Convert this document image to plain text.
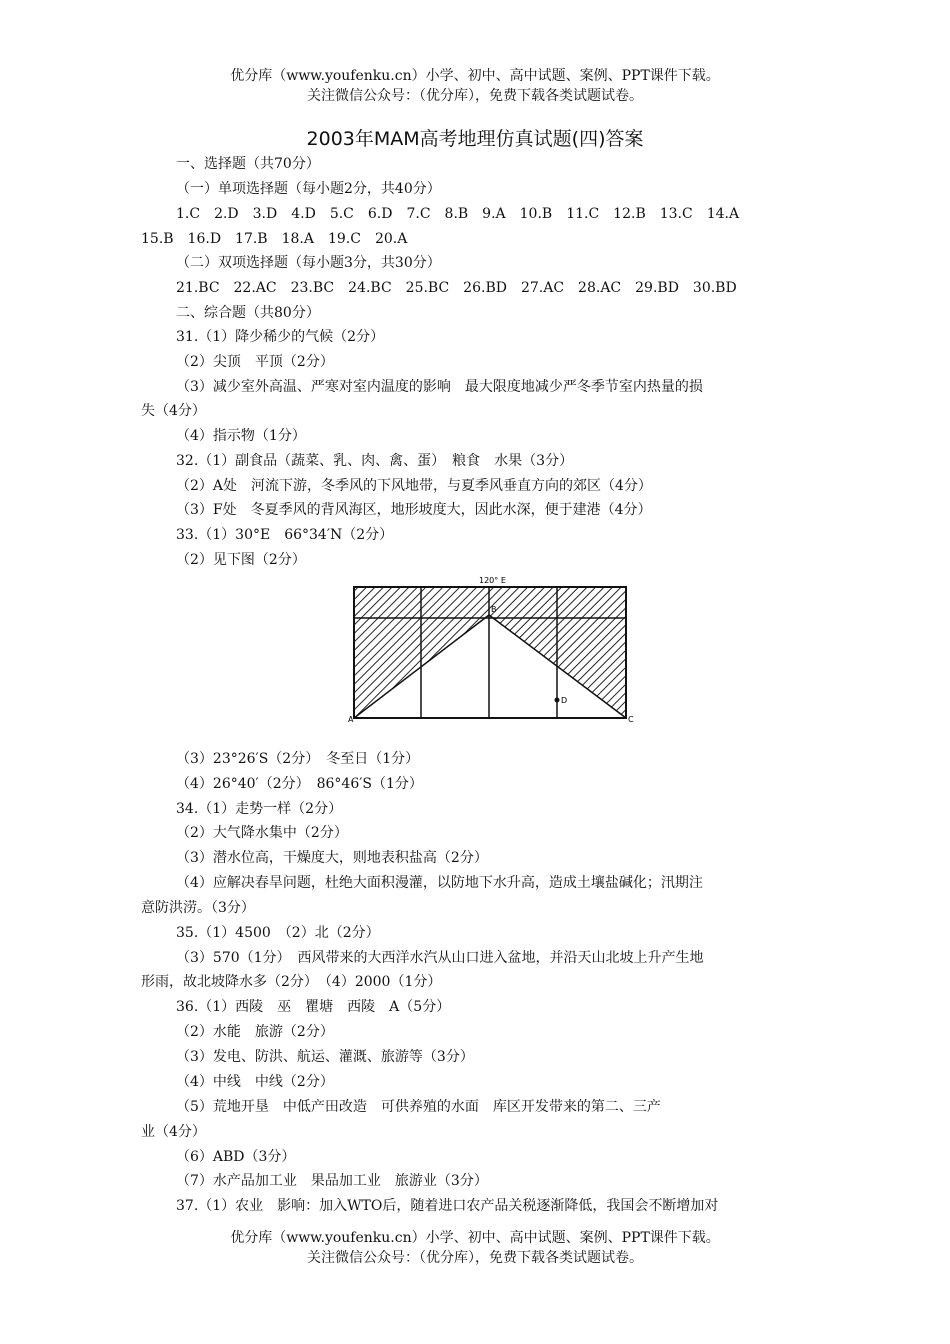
优分库（www.youfenku.cn）小学、初中、高中试题、案例、PPT课件下载。
关注微信公众号：（优分库），免费下载各类试题试卷。
2003年MAM高考地理仿真试题(四)答案
一、选择题（共70分）
（一）单项选择题（每小题2分，共40分）
1.C　2.D　3.D　4.D　5.C　6.D　7.C　8.B　9.A　10.B　11.C　12.B　13.C　14.A
15.B　16.D　17.B　18.A　19.C　20.A
（二）双项选择题（每小题3分，共30分）
21.BC　22.AC　23.BC　24.BC　25.BC　26.BD　27.AC　28.AC　29.BD　30.BD
二、综合题（共80分）
31.（1）降少稀少的气候（2分）
（2）尖顶　平顶（2分）
（3）减少室外高温、严寒对室内温度的影响　最大限度地减少严冬季节室内热量的损
失（4分）
（4）指示物（1分）
32.（1）副食品（蔬菜、乳、肉、禽、蛋）　粮食　水果（3分）
（2）A处　河流下游，冬季风的下风地带，与夏季风垂直方向的郊区（4分）
（3）F处　冬夏季风的背风海区，地形坡度大，因此水深，便于建港（4分）
33.（1）30°E　66°34′N（2分）
（2）见下图（2分）
120° E
A
B
C
D
（3）23°26′S（2分）　冬至日（1分）
（4）26°40′（2分）　86°46′S（1分）
34.（1）走势一样（2分）
（2）大气降水集中（2分）
（3）潜水位高，干燥度大，则地表积盐高（2分）
（4）应解决春旱问题，杜绝大面积漫灌，以防地下水升高，造成土壤盐碱化；汛期注
意防洪涝。（3分）
35.（1）4500　（2）北（2分）
（3）570（1分）　西风带来的大西洋水汽从山口进入盆地，并沿天山北坡上升产生地
形雨，故北坡降水多（2分）　（4）2000（1分）
36.（1）西陵　巫　瞿塘　西陵　A（5分）
（2）水能　旅游（2分）
（3）发电、防洪、航运、灌溉、旅游等（3分）
（4）中线　中线（2分）
（5）荒地开垦　中低产田改造　可供养殖的水面　库区开发带来的第二、三产
业（4分）
（6）ABD（3分）
（7）水产品加工业　果品加工业　旅游业（3分）
37.（1）农业　影响：加入WTO后，随着进口农产品关税逐渐降低，我国会不断增加对
优分库（www.youfenku.cn）小学、初中、高中试题、案例、PPT课件下载。
关注微信公众号：（优分库），免费下载各类试题试卷。
